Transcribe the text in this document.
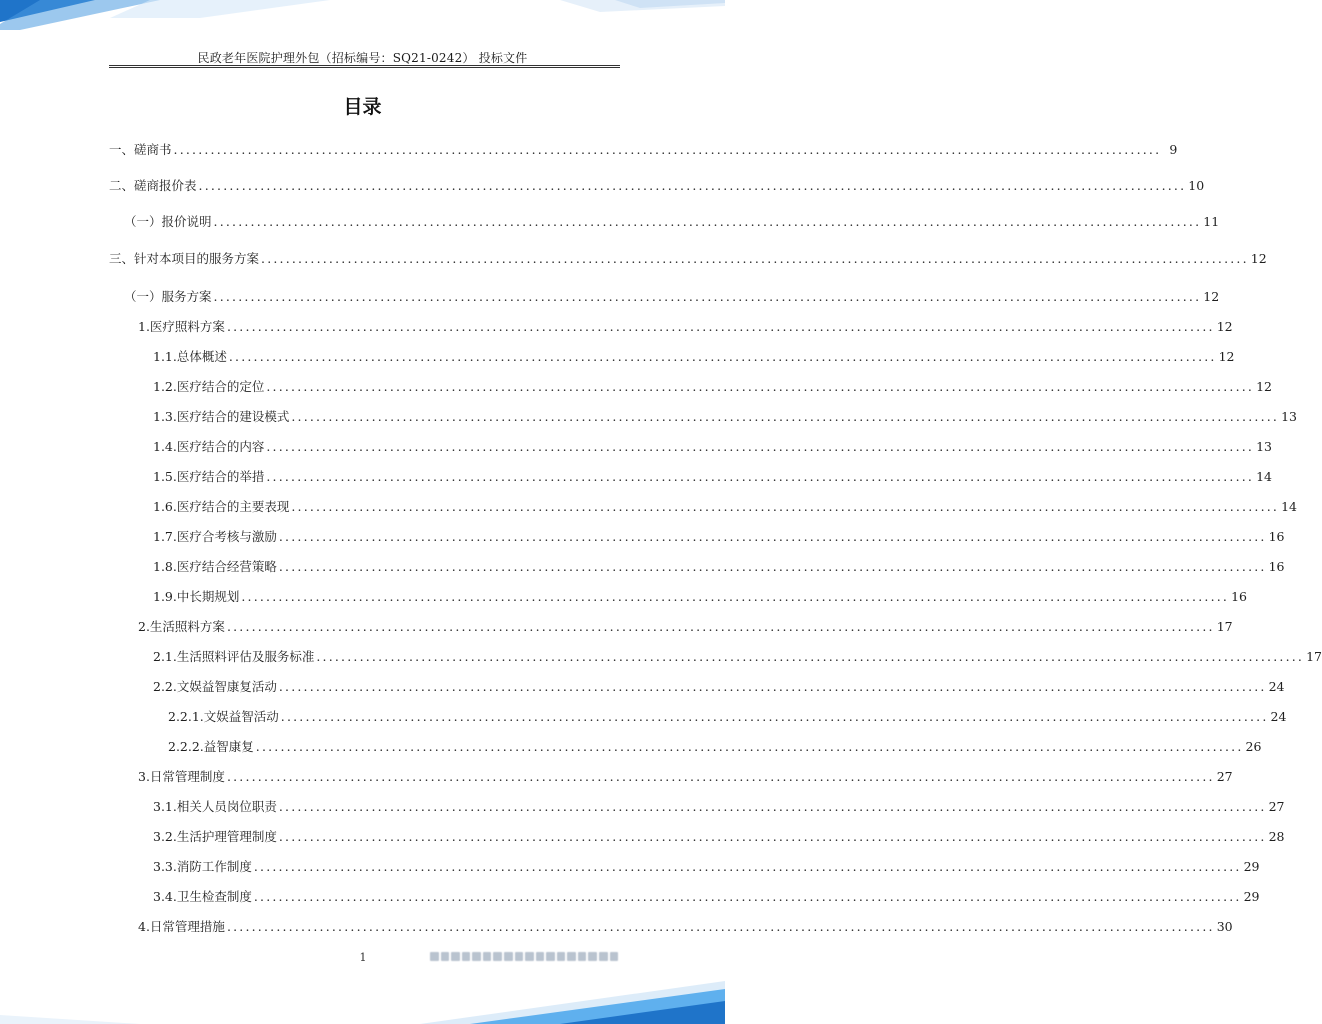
民政老年医院护理外包（招标编号：SQ21-0242） 投标文件
目录
一、磋商书 ................................................................................................................................................................ 9
二、磋商报价表 ................................................................................................................................................................ 10
（一）报价说明 ................................................................................................................................................................ 11
三、针对本项目的服务方案 ................................................................................................................................................................ 12
（一）服务方案 ................................................................................................................................................................ 12
1.医疗照料方案 ................................................................................................................................................................ 12
1.1.总体概述 ................................................................................................................................................................ 12
1.2.医疗结合的定位 ................................................................................................................................................................ 12
1.3.医疗结合的建设模式 ................................................................................................................................................................ 13
1.4.医疗结合的内容 ................................................................................................................................................................ 13
1.5.医疗结合的举措 ................................................................................................................................................................ 14
1.6.医疗结合的主要表现 ................................................................................................................................................................ 14
1.7.医疗合考核与激励 ................................................................................................................................................................ 16
1.8.医疗结合经营策略 ................................................................................................................................................................ 16
1.9.中长期规划 ................................................................................................................................................................ 16
2.生活照料方案 ................................................................................................................................................................ 17
2.1.生活照料评估及服务标准 ................................................................................................................................................................ 17
2.2.文娱益智康复活动 ................................................................................................................................................................ 24
2.2.1.文娱益智活动 ................................................................................................................................................................ 24
2.2.2.益智康复 ................................................................................................................................................................ 26
3.日常管理制度 ................................................................................................................................................................ 27
3.1.相关人员岗位职责 ................................................................................................................................................................ 27
3.2.生活护理管理制度 ................................................................................................................................................................ 28
3.3.消防工作制度 ................................................................................................................................................................ 29
3.4.卫生检查制度 ................................................................................................................................................................ 29
4.日常管理措施 ................................................................................................................................................................ 30
1
